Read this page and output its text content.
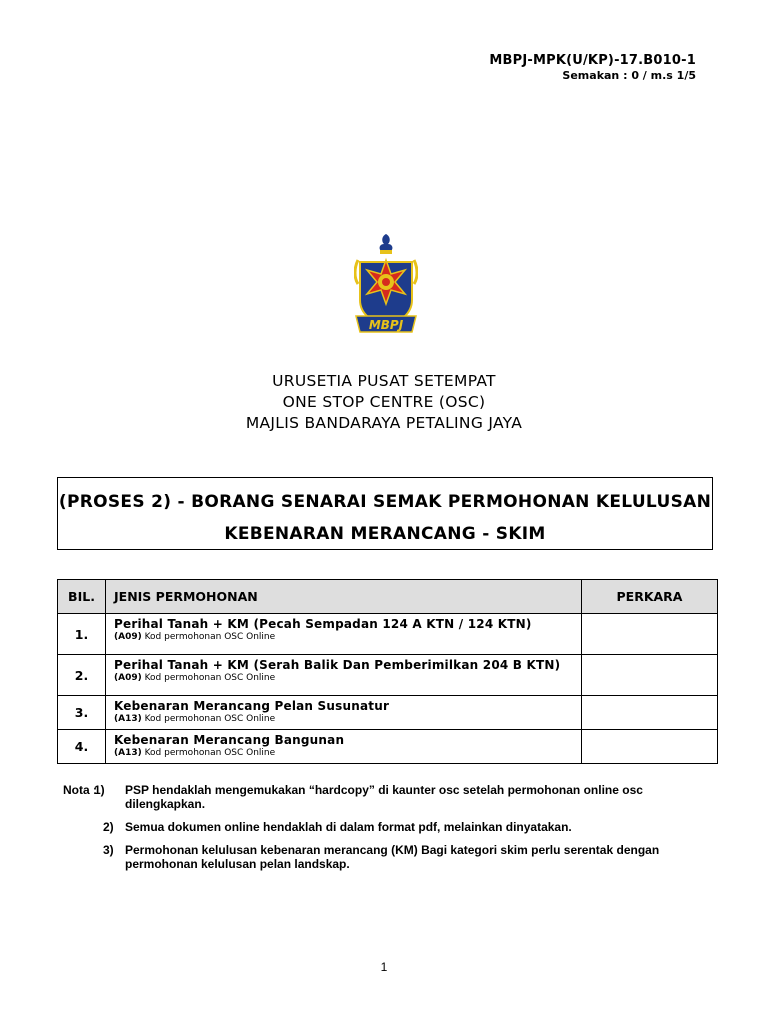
MBPJ-MPK(U/KP)-17.B010-1
Semakan : 0 / m.s 1/5
MBPJ
URUSETIA PUSAT SETEMPAT
ONE STOP CENTRE (OSC)
MAJLIS BANDARAYA PETALING JAYA
(PROSES 2) - BORANG SENARAI SEMAK PERMOHONAN KELULUSAN
KEBENARAN MERANCANG - SKIM
BIL.	JENIS PERMOHONAN	PERKARA
1.	Perihal Tanah + KM (Pecah Sempadan 124 A KTN / 124 KTN)
(A09) Kod permohonan OSC Online	

2.	Perihal Tanah + KM (Serah Balik Dan Pemberimilkan 204 B KTN)
(A09) Kod permohonan OSC Online	

3.	Kebenaran Merancang Pelan Susunatur
(A13) Kod permohonan OSC Online	

4.	Kebenaran Merancang Bangunan
(A13) Kod permohonan OSC Online	

Nota :
1) PSP hendaklah mengemukakan “hardcopy” di kaunter osc setelah permohonan online osc
dilengkapkan.
2) Semua dokumen online hendaklah di dalam format pdf, melainkan dinyatakan.
3) Permohonan kelulusan kebenaran merancang (KM) Bagi kategori skim perlu serentak dengan
permohonan kelulusan pelan landskap.
1
